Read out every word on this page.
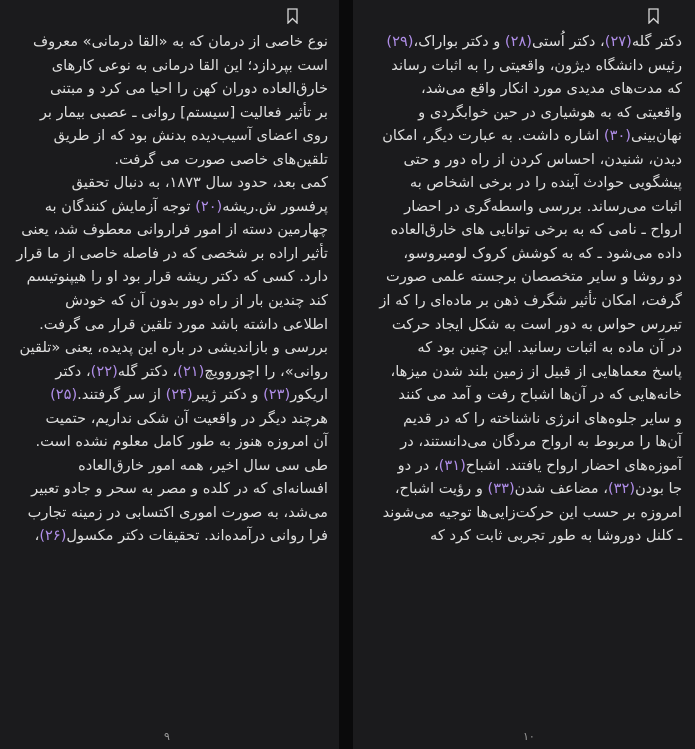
نوع خاصی از درمان که به «القا درمانی» معروف
است بپردازد؛ این القا درمانی به نوعی کارهای
خارق‌العاده دوران کهن را احیا می کرد و مبتنی
بر تأثیر فعالیت [سیستم] روانی ـ عصبی بیمار بر
روی اعضای آسیب‌دیده بدنش بود که از طریق
تلقین‌های خاصی صورت می گرفت.
کمی بعد، حدود سال ۱۸۷۳، به دنبال تحقیق
پرفسور ش.ریشه(۲۰) توجه آزمایش کنندگان به
چهارمین دسته از امور فراروانی معطوف شد، یعنی
تأثیر اراده بر شخصی که در فاصله خاصی از ما قرار
دارد. کسی که دکتر ریشه قرار بود او را هیپنوتیسم
کند چندین بار از راه دور بدون آن که خودش
اطلاعی داشته باشد مورد تلقین قرار می گرفت.
بررسی و بازاندیشی در باره این پدیده، یعنی «تلقین
روانی»، را اچوروویچ(۲۱)، دکتر گله(۲۲)، دکتر
اریکور(۲۳) و دکتر ژیبر(۲۴) از سر گرفتند.(۲۵)
هرچند دیگر در واقعیت آن شکی نداریم، حتمیت
آن امروزه هنوز به طور کامل معلوم نشده است.
طی سی سال اخیر، همه امور خارق‌العاده
افسانه‌ای که در کلده و مصر به سحر و جادو تعبیر
می‌شد، به صورت اموری اکتسابی در زمینه تجارب
فرا روانی درآمده‌اند. تحقیقات دکتر مکسول(۲۶)،
۹
دکتر گله(۲۷)، دکتر اُستی(۲۸) و دکتر بواراک،(۲۹)
رئیس دانشگاه دیژون، واقعیتی را به اثبات رساند
که مدت‌های مدیدی مورد انکار واقع می‌شد،
واقعیتی که به هوشیاری در حین خوابگردی و
نهان‌بینی(۳۰) اشاره داشت. به عبارت دیگر، امکان
دیدن، شنیدن، احساس کردن از راه دور و حتی
پیشگویی حوادث آینده را در برخی اشخاص به
اثبات می‌رساند. بررسی واسطه‌گری در احضار
ارواح ـ نامی که به برخی توانایی های خارق‌العاده
داده می‌شود ـ که به کوشش کروک لومبروسو،
دو روشا و سایر متخصصان برجسته علمی صورت
گرفت، امکان تأثیر شگرف ذهن بر ماده‌ای را که از
تیررس حواس به دور است به شکل ایجاد حرکت
در آن ماده به اثبات رسانید. این چنین بود که
پاسخ معماهایی از قبیل از زمین بلند شدن میزها،
خانه‌هایی که در آن‌ها اشباح رفت و آمد می کنند
و سایر جلوه‌های انرژی ناشناخته را که در قدیم
آن‌ها را مربوط به ارواح مردگان می‌دانستند، در
آموزه‌های احضار ارواح یافتند. اشباح(۳۱)، در دو
جا بودن(۳۲)، مضاعف شدن(۳۳) و رؤیت اشباح،
امروزه بر حسب این حرکت‌زایی‌ها توجیه می‌شوند
ـ کلنل دوروشا به طور تجربی ثابت کرد که
۱۰
